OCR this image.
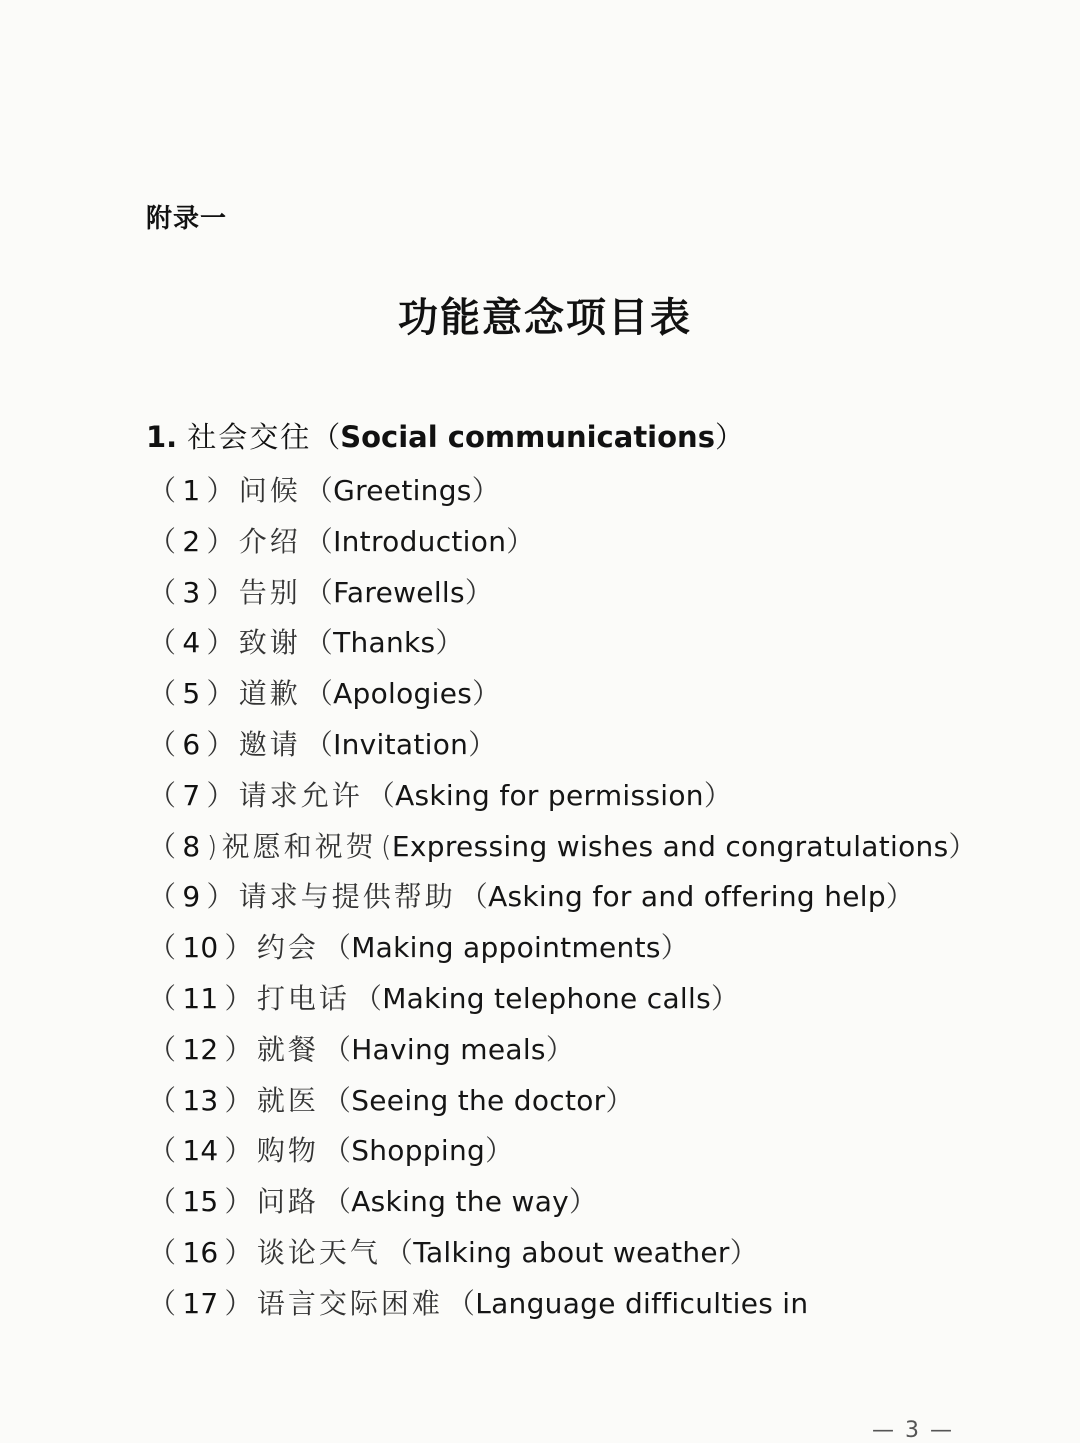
附录一
功能意念项目表
1. 社会交往（Social communications）
（ 1 ） 问候 （Greetings）
（ 2 ） 介绍 （Introduction）
（ 3 ） 告别 （Farewells）
（ 4 ） 致谢 （Thanks）
（ 5 ） 道歉 （Apologies）
（ 6 ） 邀请 （Invitation）
（ 7 ） 请求允许 （Asking for permission）
（ 8 ) 祝愿和祝贺 (Expressing wishes and congratulations）
（ 9 ） 请求与提供帮助 （Asking for and offering help）
（ 10 ） 约会 （Making appointments）
（ 11 ） 打电话 （Making telephone calls）
（ 12 ） 就餐 （Having meals）
（ 13 ） 就医 （Seeing the doctor）
（ 14 ） 购物 （Shopping）
（ 15 ） 问路 （Asking the way）
（ 16 ） 谈论天气 （Talking about weather）
（ 17 ） 语言交际困难 （Language difficulties in
— 3 —
